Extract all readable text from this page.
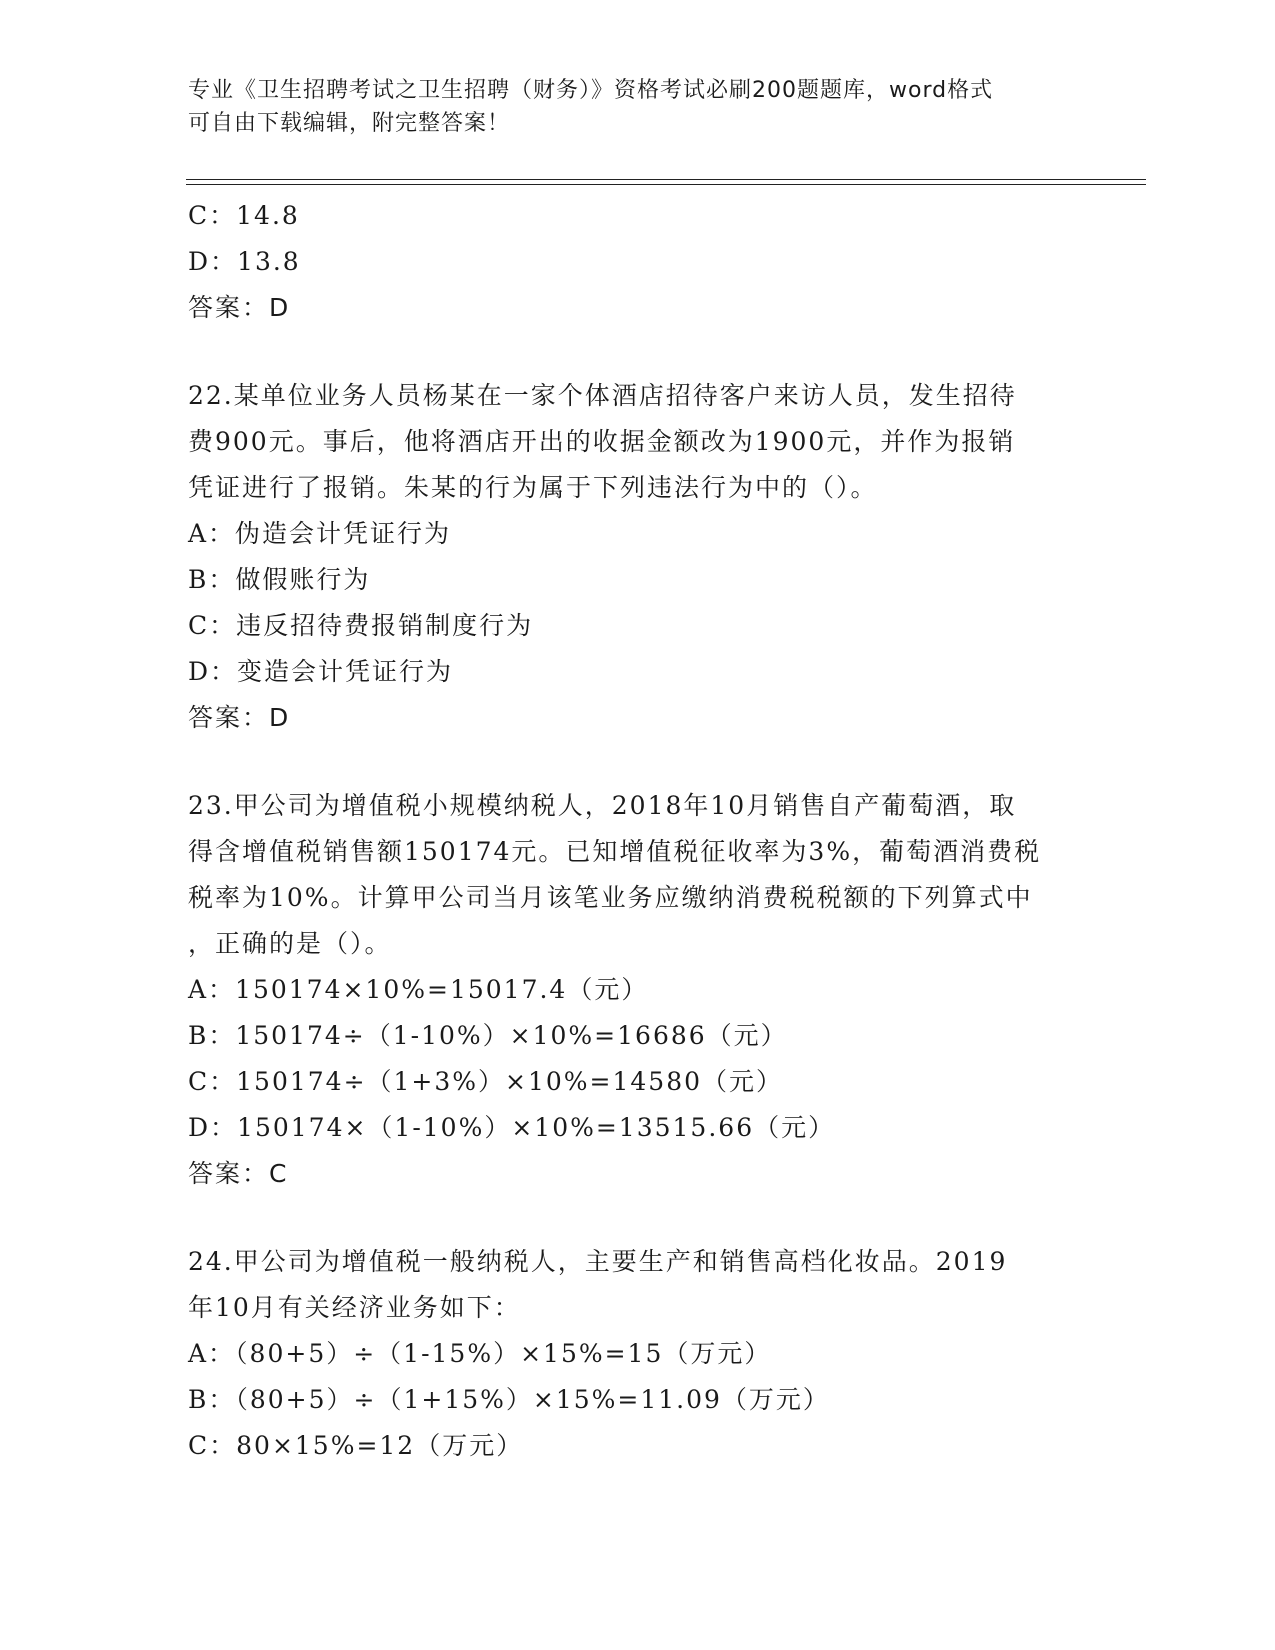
专业《卫生招聘考试之卫生招聘（财务）》资格考试必刷200题题库，word格式
可自由下载编辑，附完整答案！
C：14.8
D：13.8
答案：D
22.某单位业务人员杨某在一家个体酒店招待客户来访人员，发生招待
费900元。事后，他将酒店开出的收据金额改为1900元，并作为报销
凭证进行了报销。朱某的行为属于下列违法行为中的（）。
A：伪造会计凭证行为
B：做假账行为
C：违反招待费报销制度行为
D：变造会计凭证行为
答案：D
23.甲公司为增值税小规模纳税人，2018年10月销售自产葡萄酒，取
得含增值税销售额150174元。已知增值税征收率为3%，葡萄酒消费税
税率为10%。计算甲公司当月该笔业务应缴纳消费税税额的下列算式中
，正确的是（）。
A：150174×10%=15017.4（元）
B：150174÷（1-10%）×10%=16686（元）
C：150174÷（1+3%）×10%=14580（元）
D：150174×（1-10%）×10%=13515.66（元）
答案：C
24.甲公司为增值税一般纳税人，主要生产和销售高档化妆品。2019
年10月有关经济业务如下：
A：（80+5）÷（1-15%）×15%=15（万元）
B：（80+5）÷（1+15%）×15%=11.09（万元）
C：80×15%=12（万元）
